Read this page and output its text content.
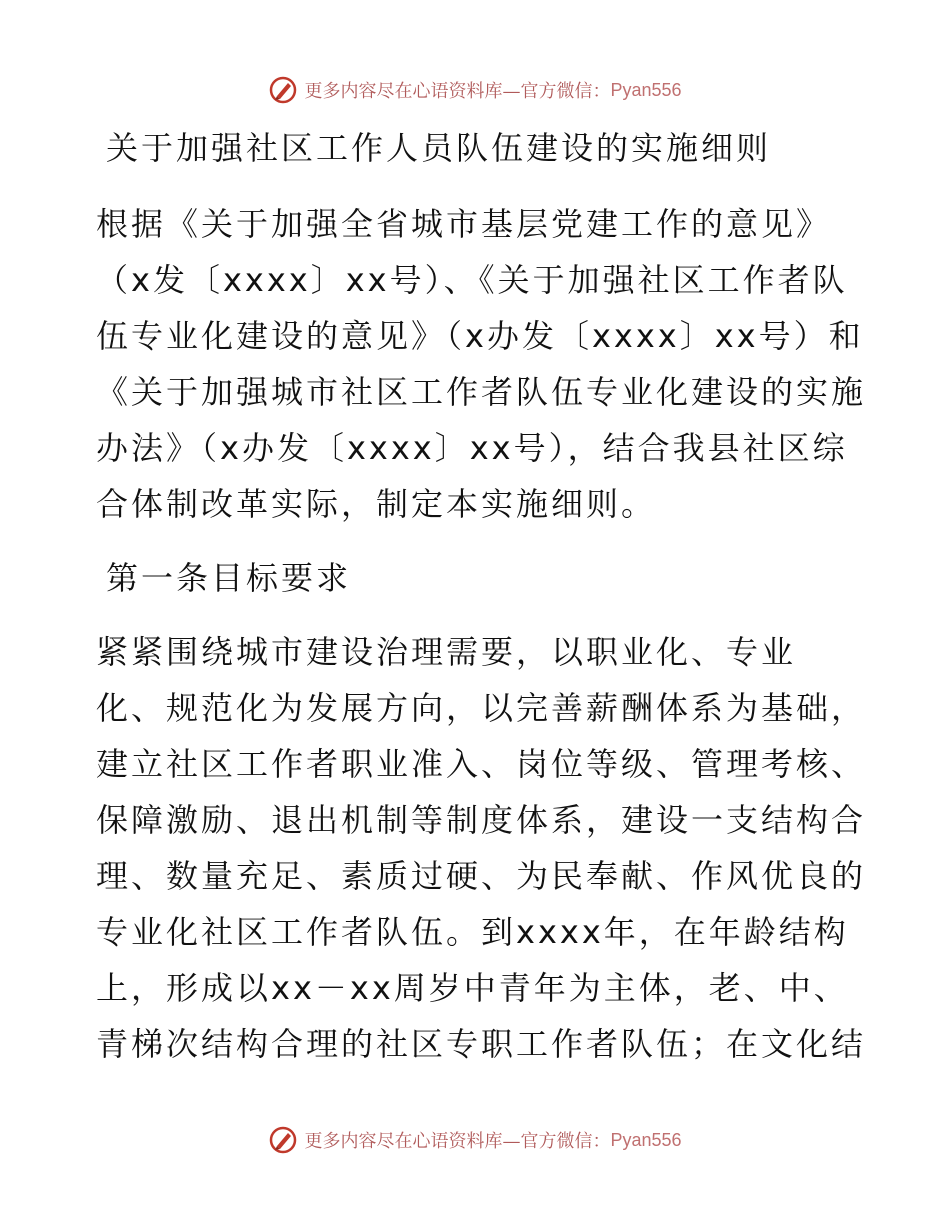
更多内容尽在心语资料库—官方微信： Pyan556
关于加强社区工作人员队伍建设的实施细则
根据《关于加强全省城市基层党建工作的意见》
（x发〔xxxx〕xx号）、《关于加强社区工作者队
伍专业化建设的意见》（x办发〔xxxx〕xx号）和
《关于加强城市社区工作者队伍专业化建设的实施
办法》（x办发〔xxxx〕xx号），结合我县社区综
合体制改革实际，制定本实施细则。
第一条目标要求
紧紧围绕城市建设治理需要，以职业化、专业
化、规范化为发展方向，以完善薪酬体系为基础，
建立社区工作者职业准入、岗位等级、管理考核、
保障激励、退出机制等制度体系，建设一支结构合
理、数量充足、素质过硬、为民奉献、作风优良的
专业化社区工作者队伍。到xxxx年，在年龄结构
上，形成以xx－xx周岁中青年为主体，老、中、
青梯次结构合理的社区专职工作者队伍；在文化结
更多内容尽在心语资料库—官方微信： Pyan556
